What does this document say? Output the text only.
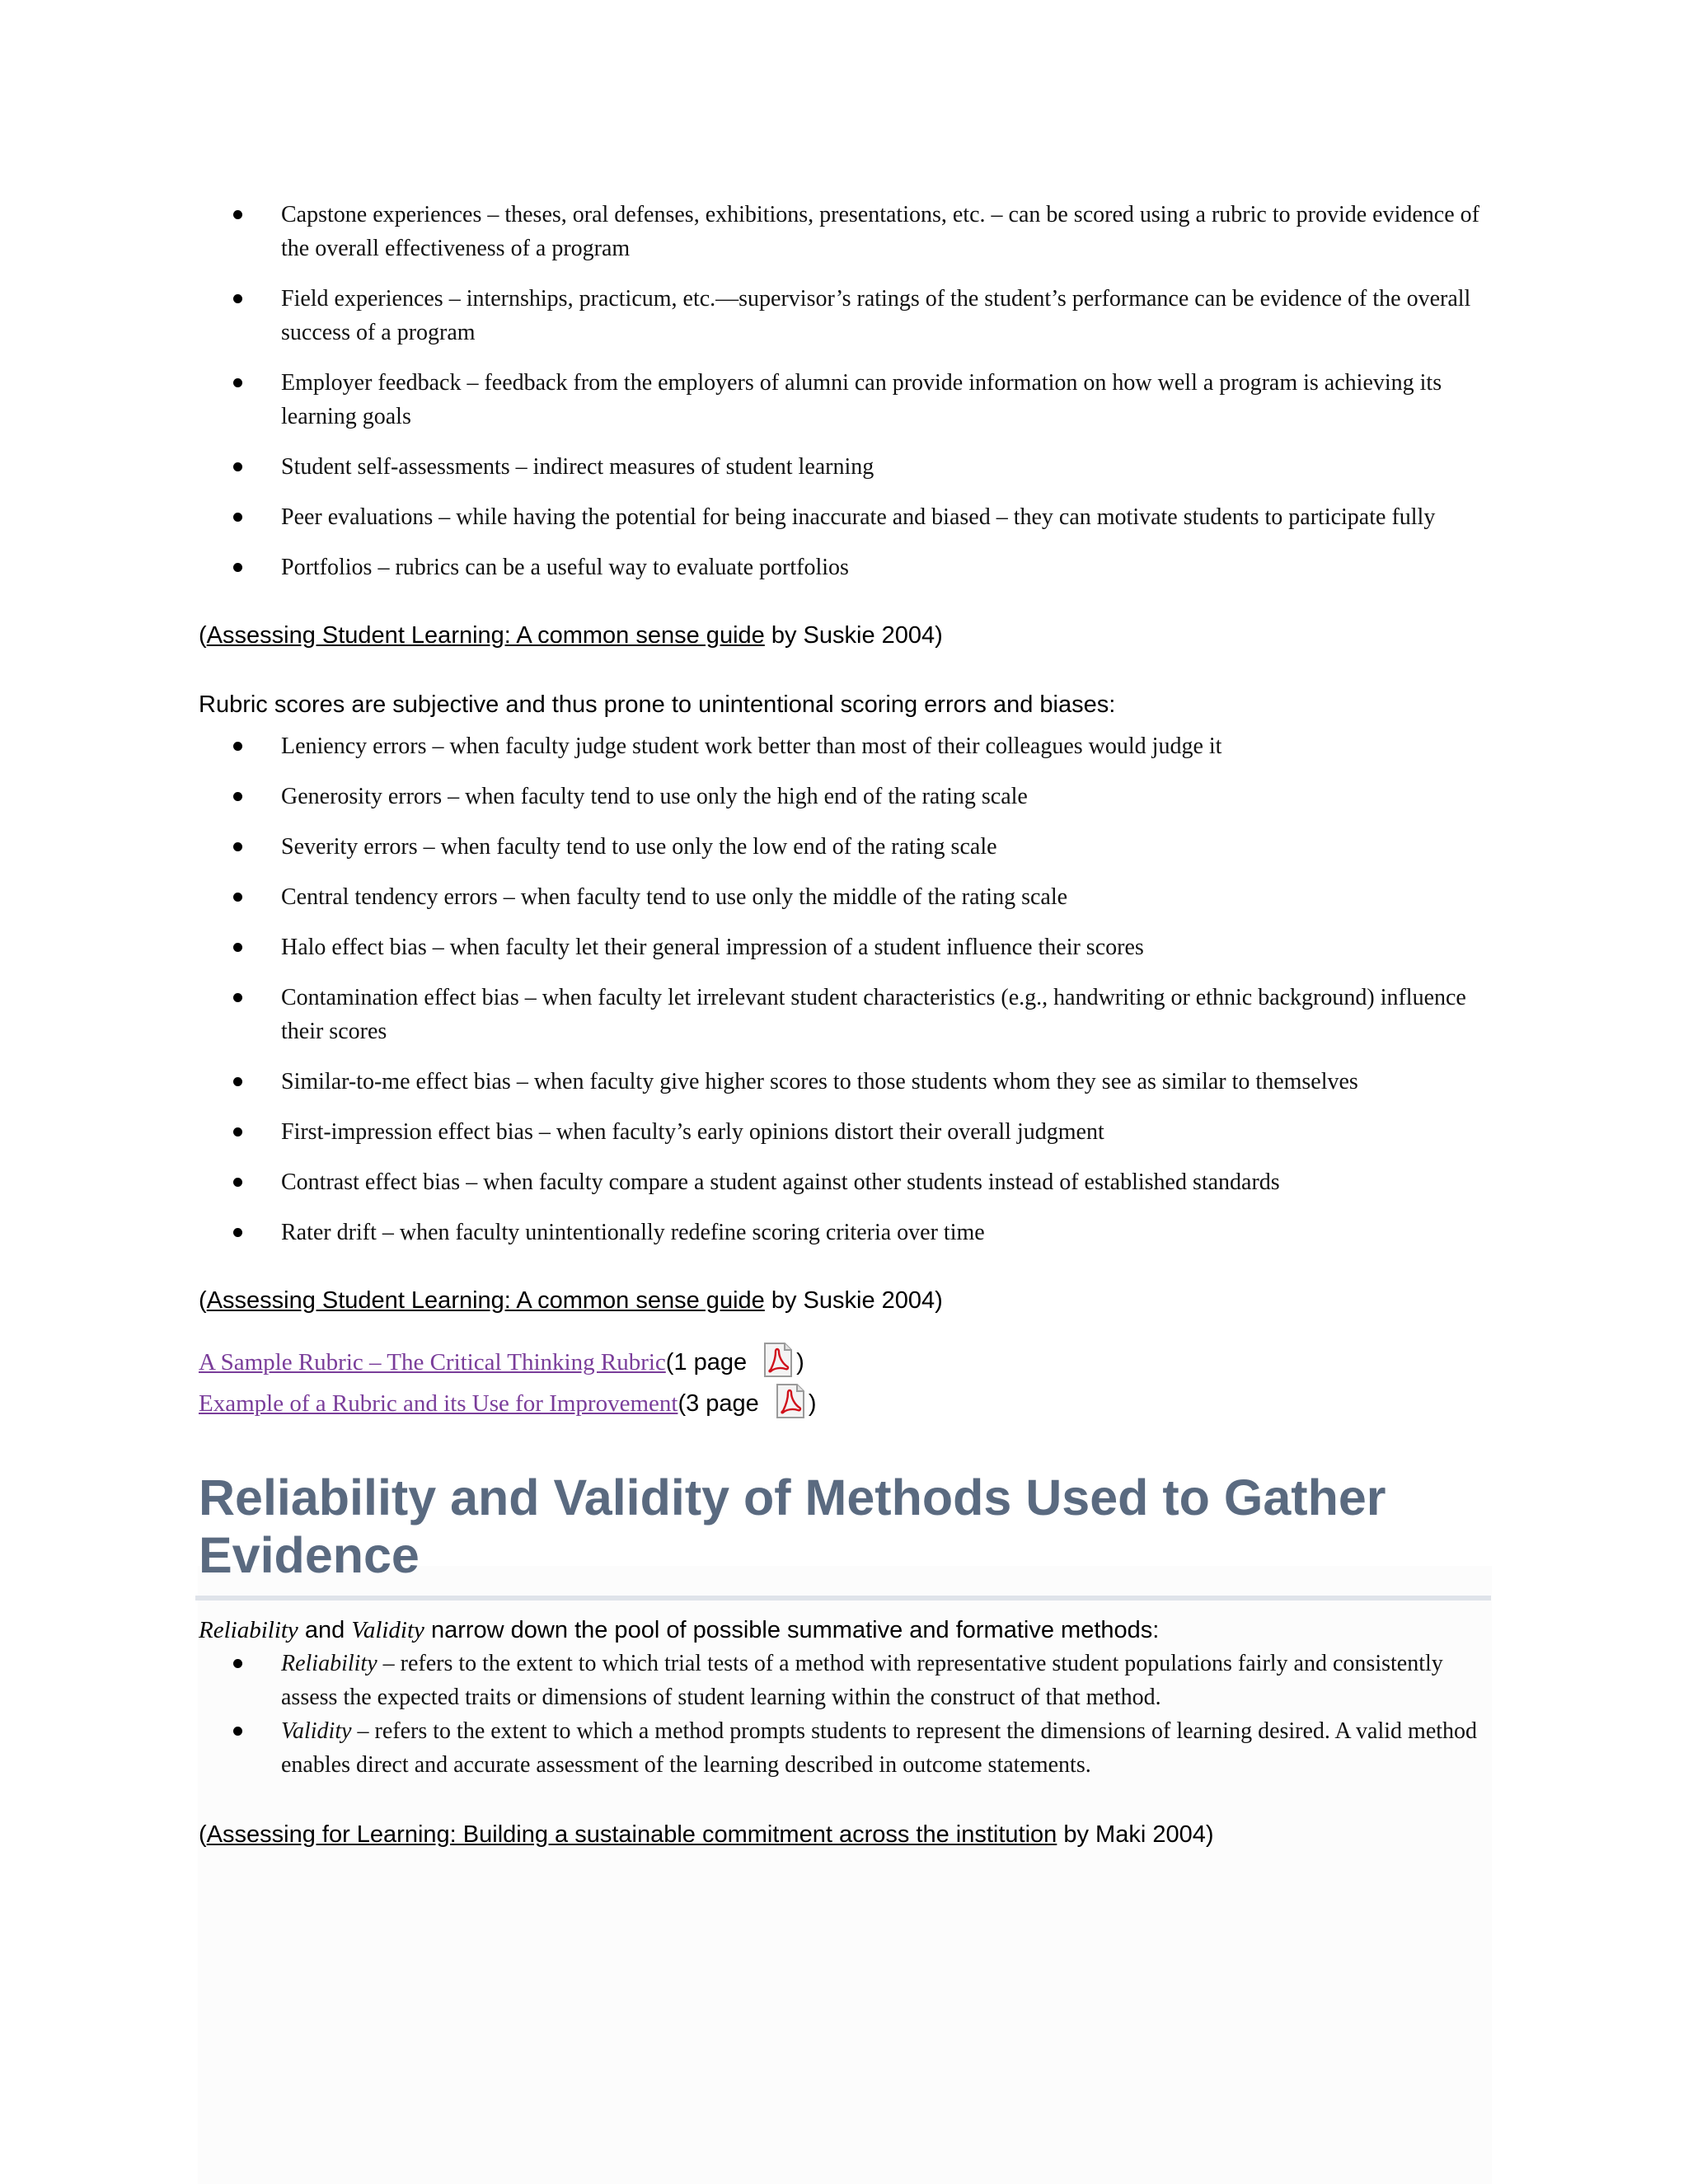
Capstone experiences – theses, oral defenses, exhibitions, presentations, etc. – can be scored using a rubric to provide evidence of the overall effectiveness of a program
Field experiences – internships, practicum, etc.—supervisor’s ratings of the student’s performance can be evidence of the overall success of a program
Employer feedback – feedback from the employers of alumni can provide information on how well a program is achieving its learning goals
Student self-assessments – indirect measures of student learning
Peer evaluations – while having the potential for being inaccurate and biased – they can motivate students to participate fully
Portfolios – rubrics can be a useful way to evaluate portfolios
(Assessing Student Learning: A common sense guide by Suskie 2004)
Rubric scores are subjective and thus prone to unintentional scoring errors and biases:
Leniency errors – when faculty judge student work better than most of their colleagues would judge it
Generosity errors – when faculty tend to use only the high end of the rating scale
Severity errors – when faculty tend to use only the low end of the rating scale
Central tendency errors – when faculty tend to use only the middle of the rating scale
Halo effect bias – when faculty let their general impression of a student influence their scores
Contamination effect bias – when faculty let irrelevant student characteristics (e.g., handwriting or ethnic background) influence their scores
Similar-to-me effect bias – when faculty give higher scores to those students whom they see as similar to themselves
First-impression effect bias – when faculty’s early opinions distort their overall judgment
Contrast effect bias – when faculty compare a student against other students instead of established standards
Rater drift – when faculty unintentionally redefine scoring criteria over time
(Assessing Student Learning: A common sense guide by Suskie 2004)
A Sample Rubric – The Critical Thinking Rubric (1 page )
Example of a Rubric and its Use for Improvement (3 page )
Reliability and Validity of Methods Used to Gather Evidence
Reliability and Validity narrow down the pool of possible summative and formative methods:
Reliability – refers to the extent to which trial tests of a method with representative student populations fairly and consistently assess the expected traits or dimensions of student learning within the construct of that method.
Validity – refers to the extent to which a method prompts students to represent the dimensions of learning desired. A valid method enables direct and accurate assessment of the learning described in outcome statements.
(Assessing for Learning: Building a sustainable commitment across the institution by Maki 2004)
